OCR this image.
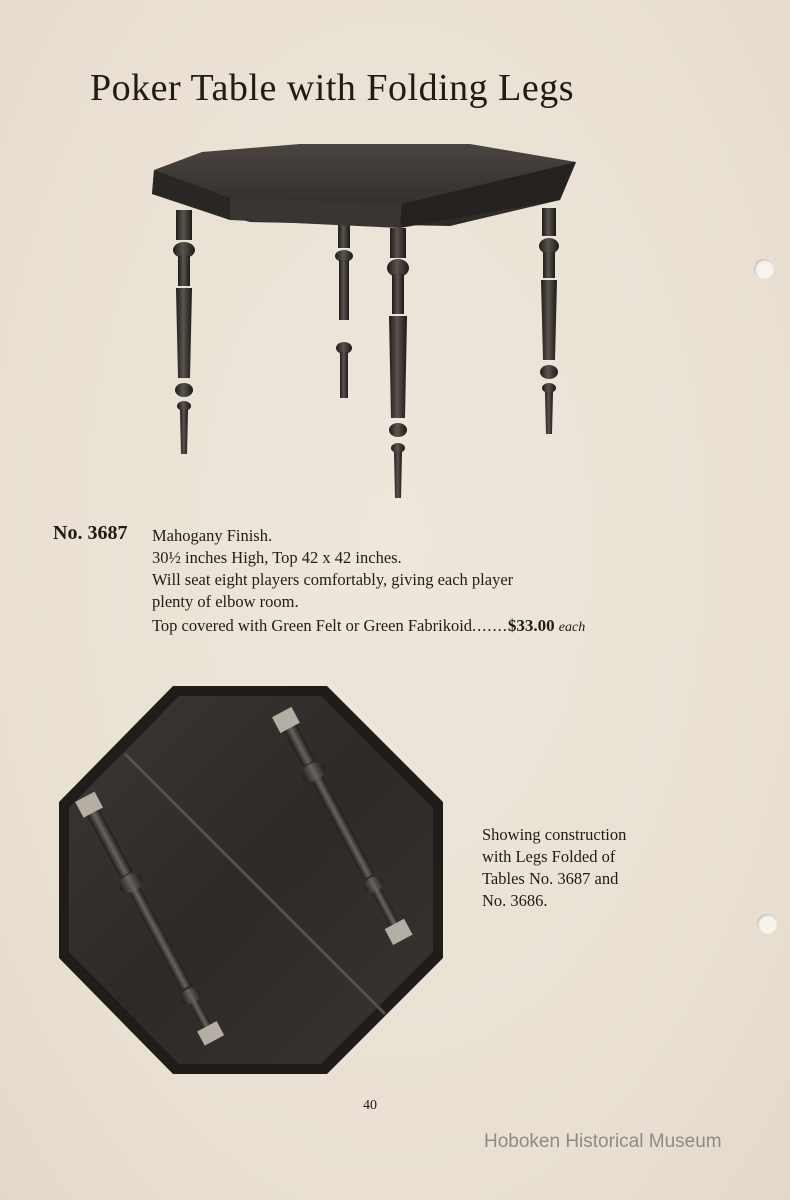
Poker Table with Folding Legs
No. 3687 Mahogany Finish.
30½ inches High, Top 42 x 42 inches.
Will seat eight players comfortably, giving each player
plenty of elbow room.
Top covered with Green Felt or Green Fabrikoid.......$33.00 each
Showing construction
with Legs Folded of
Tables No. 3687 and
No. 3686.
40
Hoboken Historical Museum
